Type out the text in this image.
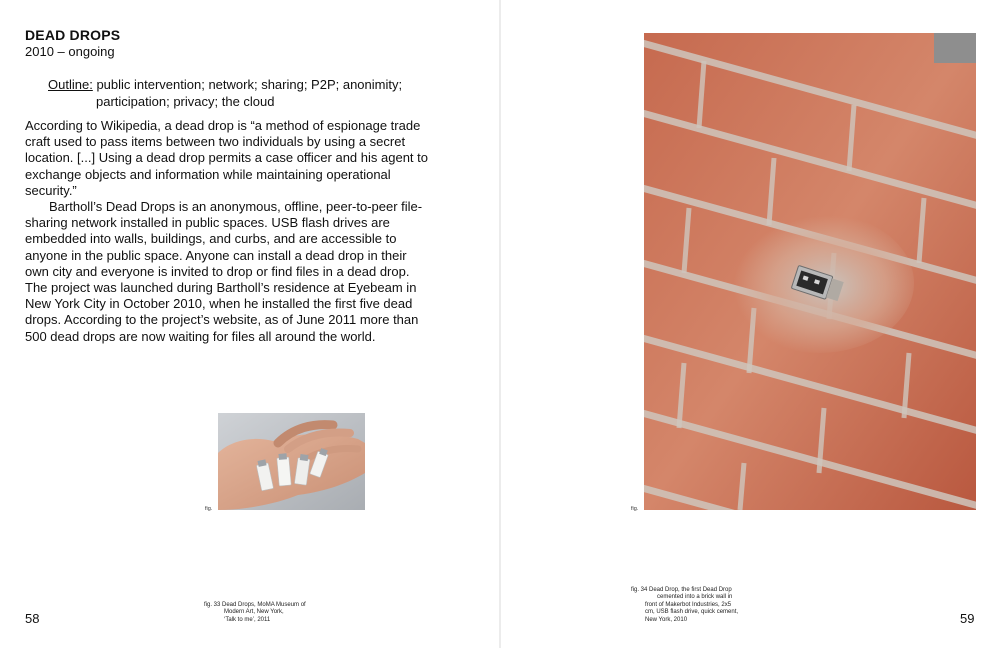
DEAD DROPS
2010 – ongoing
Outline:
public intervention; network; sharing; P2P; anonimity;
participation; privacy; the cloud

According to Wikipedia, a dead drop is “a method of espionage trade craft used to pass items between two individuals by using a secret location. [...] Using a dead drop permits a case officer and his agent to exchange objects and information while maintaining operational security.”

Bartholl’s Dead Drops is an anonymous, offline, peer-to-peer file-sharing network installed in public spaces. USB flash drives are embedded into walls, buildings, and curbs, and are accessible to anyone in the public space. Anyone can install a dead drop in their own city and everyone is invited to drop or find files in a dead drop. The project was launched during Bartholl’s residence at Eyebeam in New York City in October 2010, when he installed the first five dead drops. According to the project’s website, as of June 2011 more than 500 dead drops are now waiting for files all around the world.

fig.
fig. 33 Dead Drops, MoMA Museum of
Modern Art, New York,
‘Talk to me’, 2011
58
fig.
fig. 34 Dead Drop, the first Dead Drop
cemented into a brick wall in
front of Makerbot Industries, 2x5
cm, USB flash drive, quick cement,
New York, 2010	59
